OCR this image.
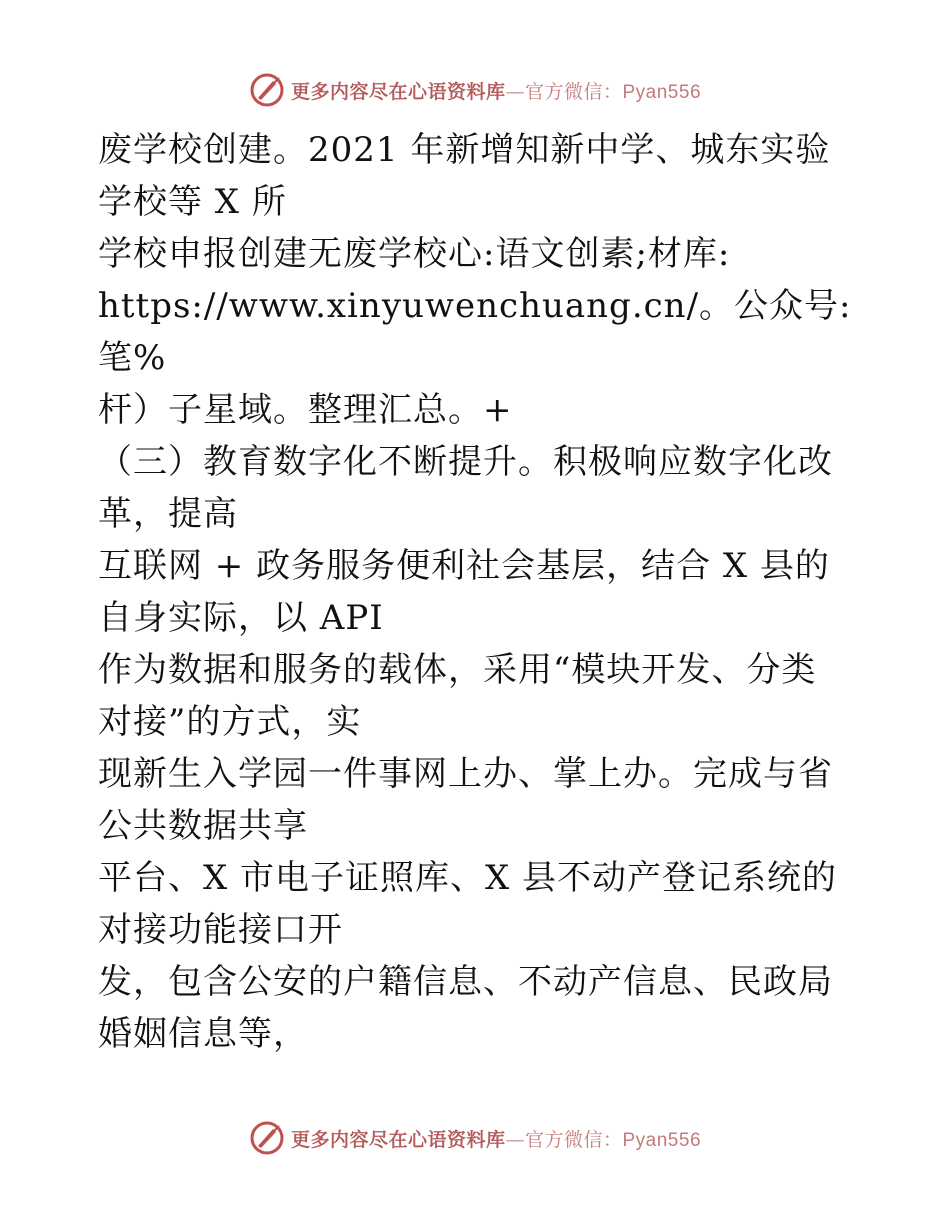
更多内容尽在心语资料库—官方微信：Pyan556
废学校创建。2021 年新增知新中学、城东实验
学校等 X 所
学校申报创建无废学校心:语文创素;材库:
https://www.xinyuwenchuang.cn/。公众号: 笔%
杆）子星域。整理汇总。+
（三）教育数字化不断提升。积极响应数字化改
革，提高
互联网 + 政务服务便利社会基层，结合 X 县的
自身实际，以 API
作为数据和服务的载体，采用“模块开发、分类
对接”的方式，实
现新生入学园一件事网上办、掌上办。完成与省
公共数据共享
平台、X 市电子证照库、X 县不动产登记系统的
对接功能接口开
发，包含公安的户籍信息、不动产信息、民政局
婚姻信息等，
更多内容尽在心语资料库—官方微信：Pyan556
